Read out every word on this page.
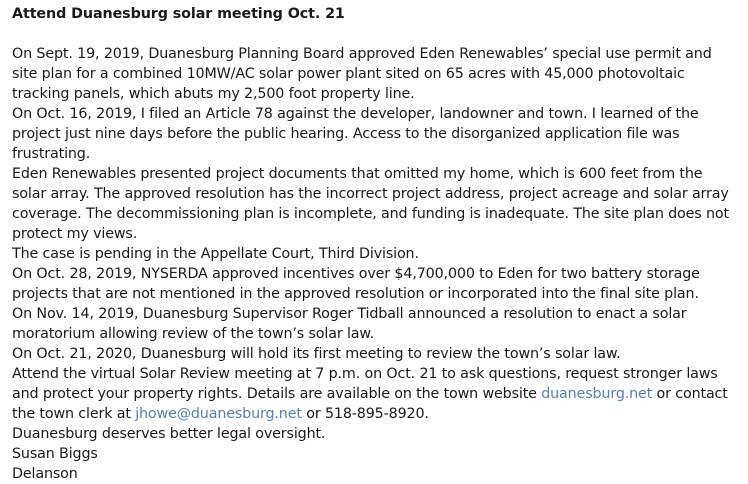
Attend Duanesburg solar meeting Oct. 21

On Sept. 19, 2019, Duanesburg Planning Board approved Eden Renewables’ special use permit and site plan for a combined 10MW/AC solar power plant sited on 65 acres with 45,000 photovoltaic tracking panels, which abuts my 2,500 foot property line.

On Oct. 16, 2019, I filed an Article 78 against the developer, landowner and town. I learned of the project just nine days before the public hearing. Access to the disorganized application file was frustrating.

Eden Renewables presented project documents that omitted my home, which is 600 feet from the solar array. The approved resolution has the incorrect project address, project acreage and solar array coverage. The decommissioning plan is incomplete, and funding is inadequate. The site plan does not protect my views.

The case is pending in the Appellate Court, Third Division.

On Oct. 28, 2019, NYSERDA approved incentives over $4,700,000 to Eden for two battery storage projects that are not mentioned in the approved resolution or incorporated into the final site plan.

On Nov. 14, 2019, Duanesburg Supervisor Roger Tidball announced a resolution to enact a solar moratorium allowing review of the town’s solar law.

On Oct. 21, 2020, Duanesburg will hold its first meeting to review the town’s solar law.

Attend the virtual Solar Review meeting at 7 p.m. on Oct. 21 to ask questions, request stronger laws and protect your property rights. Details are available on the town website duanesburg.net or contact the town clerk at jhowe@duanesburg.net or 518-895-8920.

Duanesburg deserves better legal oversight.

Susan Biggs

Delanson
